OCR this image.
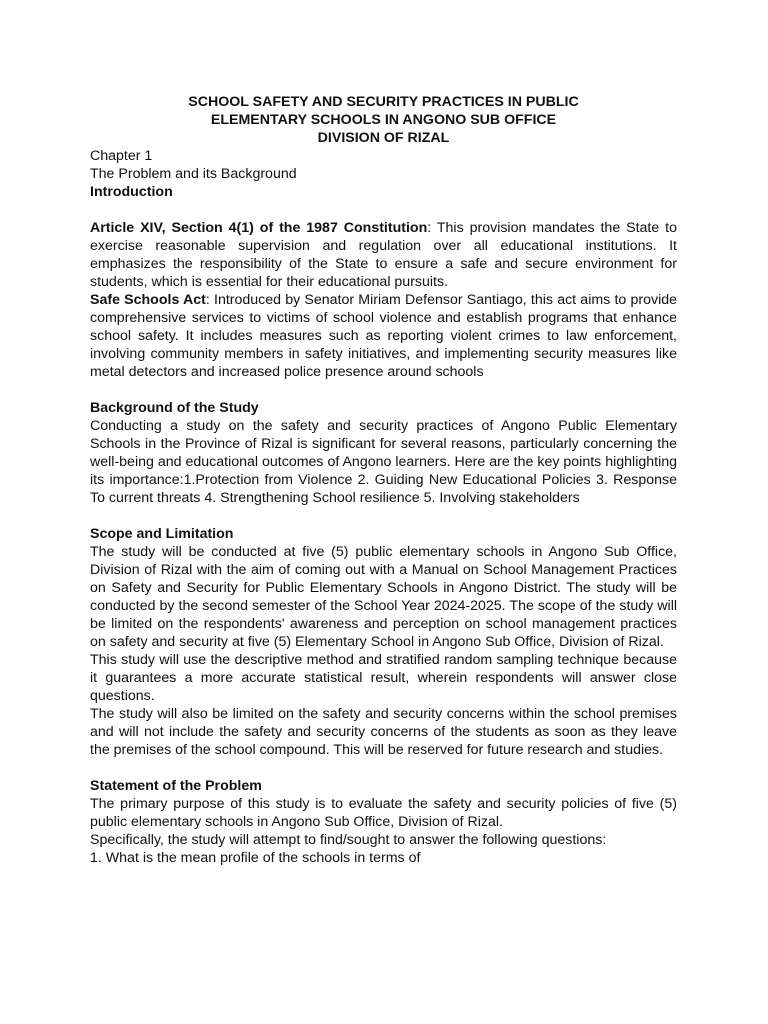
SCHOOL SAFETY AND SECURITY PRACTICES IN PUBLIC
ELEMENTARY SCHOOLS IN ANGONO SUB OFFICE
DIVISION OF RIZAL
Chapter 1
The Problem and its Background
Introduction

Article XIV, Section 4(1) of the 1987 Constitution: This provision mandates the State to exercise reasonable supervision and regulation over all educational institutions. It emphasizes the responsibility of the State to ensure a safe and secure environment for students, which is essential for their educational pursuits.

Safe Schools Act: Introduced by Senator Miriam Defensor Santiago, this act aims to provide comprehensive services to victims of school violence and establish programs that enhance school safety. It includes measures such as reporting violent crimes to law enforcement, involving community members in safety initiatives, and implementing security measures like metal detectors and increased police presence around schools

Background of the Study

Conducting a study on the safety and security practices of Angono Public Elementary Schools in the Province of Rizal is significant for several reasons, particularly concerning the well-being and educational outcomes of Angono learners. Here are the key points highlighting its importance:1.Protection from Violence 2. Guiding New Educational Policies 3. Response To current threats 4. Strengthening School resilience 5. Involving stakeholders

Scope and Limitation

The study will be conducted at five (5) public elementary schools in Angono Sub Office, Division of Rizal with the aim of coming out with a Manual on School Management Practices on Safety and Security for Public Elementary Schools in Angono District. The study will be conducted by the second semester of the School Year 2024-2025. The scope of the study will be limited on the respondents' awareness and perception on school management practices on safety and security at five (5) Elementary School in Angono Sub Office, Division of Rizal.

This study will use the descriptive method and stratified random sampling technique because it guarantees a more accurate statistical result, wherein respondents will answer close questions.

The study will also be limited on the safety and security concerns within the school premises and will not include the safety and security concerns of the students as soon as they leave the premises of the school compound. This will be reserved for future research and studies.

Statement of the Problem

The primary purpose of this study is to evaluate the safety and security policies of five (5) public elementary schools in Angono Sub Office, Division of Rizal.

Specifically, the study will attempt to find/sought to answer the following questions:

1. What is the mean profile of the schools in terms of
